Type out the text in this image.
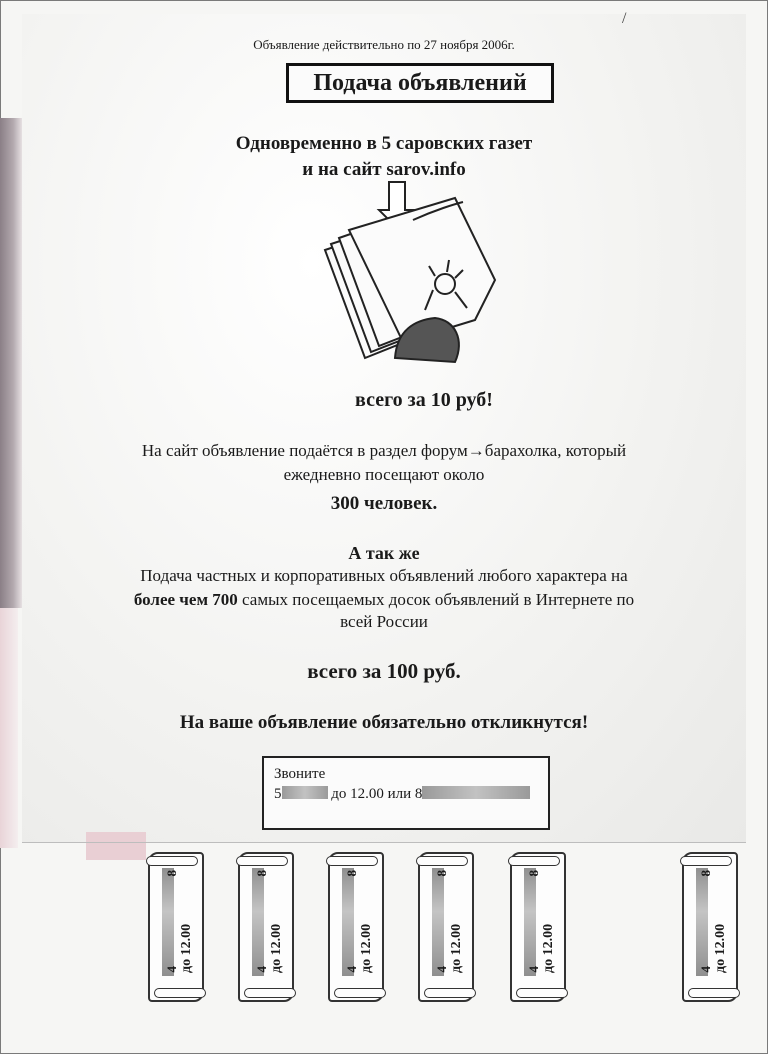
/
Объявление действительно по 27 ноября 2006г.
Подача объявлений
Одновременно в 5 саровских газет
и на сайт sarov.info
всего за 10 руб!
На сайт объявление подаётся в раздел форум→барахолка, который
ежедневно посещают около
300 человек.
А так же
Подача частных и корпоративных объявлений любого характера на
более чем 700 самых посещаемых досок объявлений в Интернете по
всей России
всего за 100 руб.
На ваше объявление обязательно откликнутся!
Звоните
5	до 12.00 или 8
8
4 до 12.00
8
4 до 12.00
8
4 до 12.00
8
4 до 12.00
8
4 до 12.00
8
4 до 12.00
